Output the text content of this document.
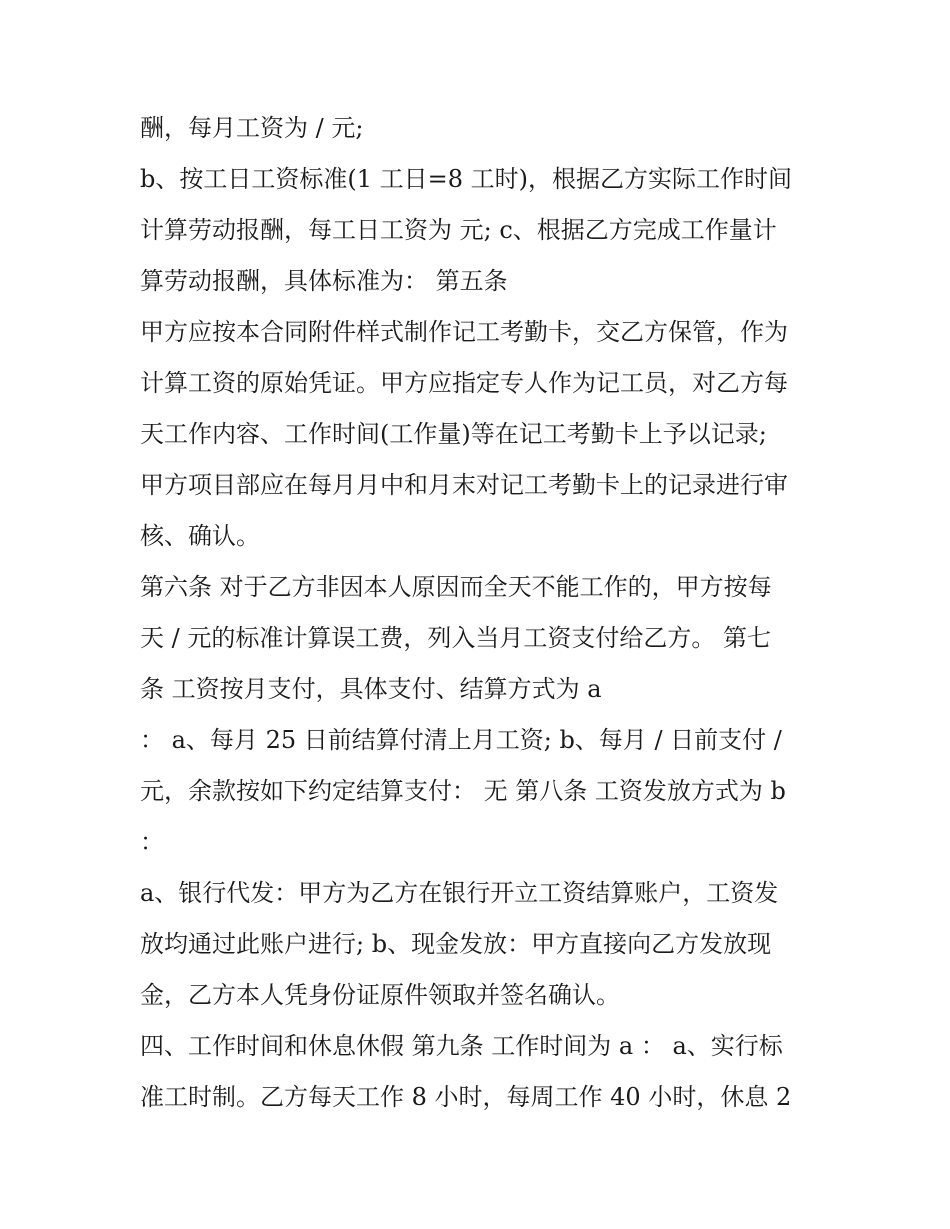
酬，每月工资为 / 元;
b、按工日工资标准(1 工日=8 工时)，根据乙方实际工作时间
计算劳动报酬，每工日工资为 元; c、根据乙方完成工作量计
算劳动报酬，具体标准为： 第五条
甲方应按本合同附件样式制作记工考勤卡，交乙方保管，作为
计算工资的原始凭证。甲方应指定专人作为记工员，对乙方每
天工作内容、工作时间(工作量)等在记工考勤卡上予以记录;
甲方项目部应在每月月中和月末对记工考勤卡上的记录进行审
核、确认。
第六条 对于乙方非因本人原因而全天不能工作的，甲方按每
天 / 元的标准计算误工费，列入当月工资支付给乙方。 第七
条 工资按月支付，具体支付、结算方式为 a
： a、每月 25 日前结算付清上月工资; b、每月 / 日前支付 /
元，余款按如下约定结算支付： 无 第八条 工资发放方式为 b
：
a、银行代发：甲方为乙方在银行开立工资结算账户，工资发
放均通过此账户进行; b、现金发放：甲方直接向乙方发放现
金，乙方本人凭身份证原件领取并签名确认。
四、工作时间和休息休假 第九条 工作时间为 a ： a、实行标
准工时制。乙方每天工作 8 小时，每周工作 40 小时，休息 2
